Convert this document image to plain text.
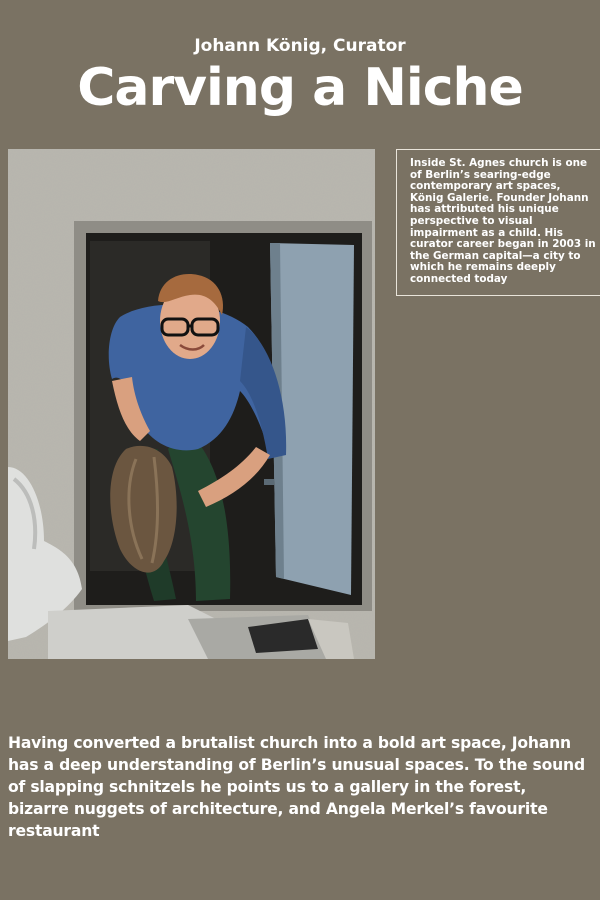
Johann König, Curator
Carving a Niche
Inside St. Agnes church is one of Berlin’s searing-edge contemporary art spaces, König Galerie. Founder Johann has attributed his unique perspective to visual impairment as a child. His curator career began in 2003 in the German capital—a city to which he remains deeply connected today
Having converted a brutalist church into a bold art space, Johann has a deep understanding of Berlin’s unusual spaces. To the sound of slapping schnitzels he points us to a gallery in the forest, bizarre nuggets of architecture, and Angela Merkel’s favourite restaurant
